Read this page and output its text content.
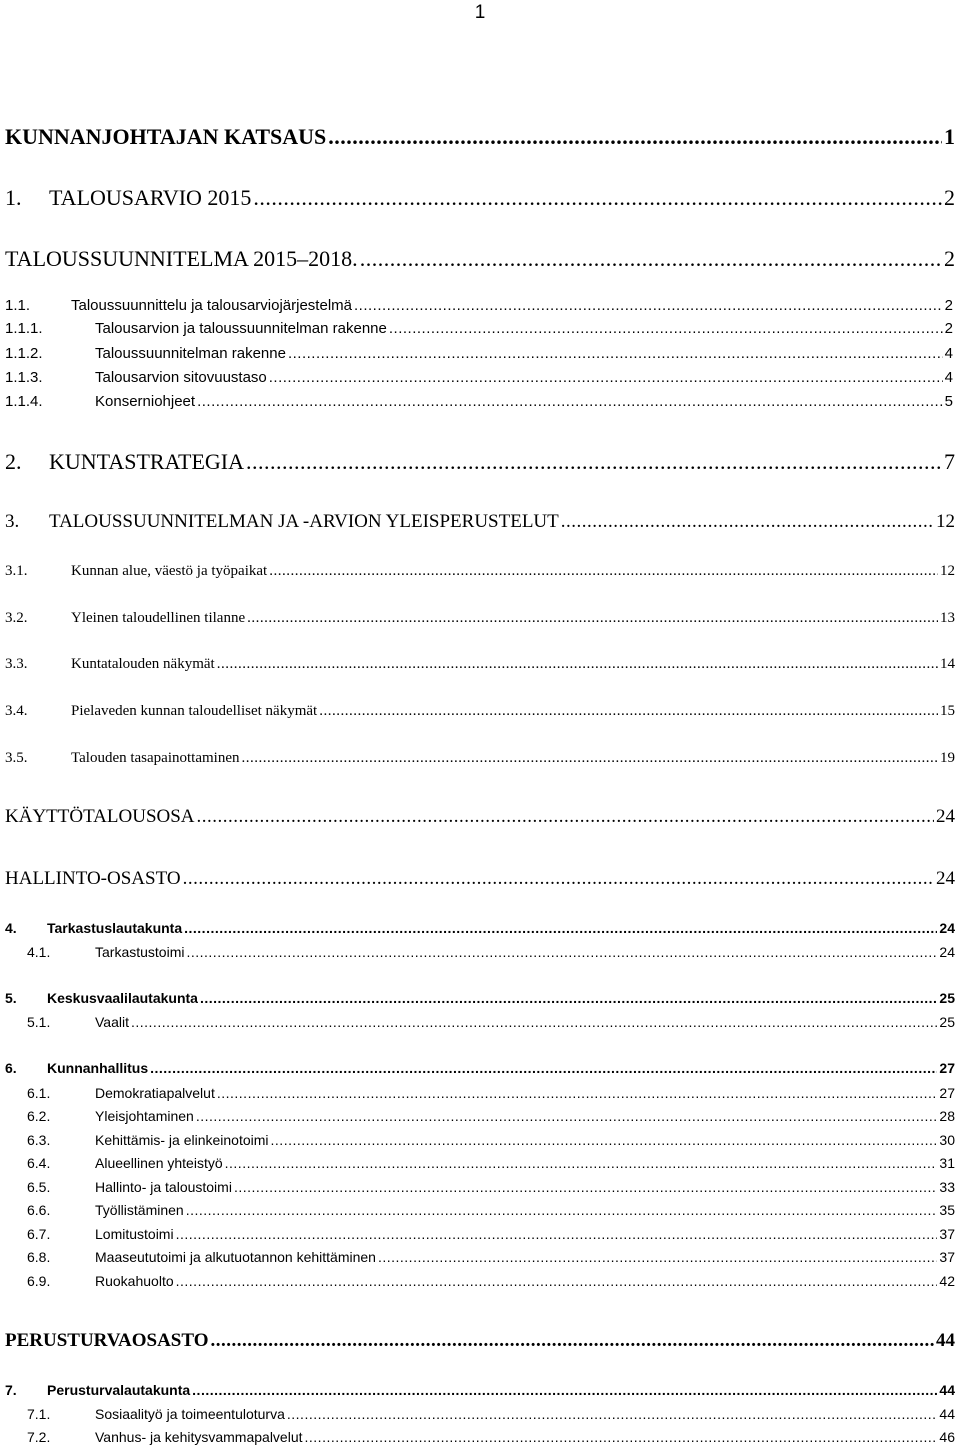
1
KUNNANJOHTAJAN KATSAUS .....	1
1.	TALOUSARVIO 2015 .....	2
TALOUSSUUNNITELMA 2015–2018. .....	2
1.1.	Taloussuunnittelu ja talousarviojärjestelmä .....	2
1.1.1.	Talousarvion ja taloussuunnitelman rakenne .....	2
1.1.2.	Taloussuunnitelman rakenne .....	4
1.1.3.	Talousarvion sitovuustaso .....	4
1.1.4.	Konserniohjeet .....	5
2.	KUNTASTRATEGIA .....	7
3.	TALOUSSUUNNITELMAN JA -ARVION YLEISPERUSTELUT .....	12
3.1.	Kunnan alue, väestö ja työpaikat .....	12
3.2.	Yleinen taloudellinen tilanne .....	13
3.3.	Kuntatalouden näkymät .....	14
3.4.	Pielaveden kunnan taloudelliset näkymät .....	15
3.5.	Talouden tasapainottaminen .....	19
KÄYTTÖTALOUSOSA .....	24
HALLINTO-OSASTO .....	24
4.	Tarkastuslautakunta .....	24
4.1.	Tarkastustoimi .....	24
5.	Keskusvaalilautakunta .....	25
5.1.	Vaalit .....	25
6.	Kunnanhallitus .....	27
6.1.	Demokratiapalvelut .....	27
6.2.	Yleisjohtaminen .....	28
6.3.	Kehittämis- ja elinkeinotoimi .....	30
6.4.	Alueellinen yhteistyö .....	31
6.5.	Hallinto- ja taloustoimi .....	33
6.6.	Työllistäminen .....	35
6.7.	Lomitustoimi .....	37
6.8.	Maaseututoimi ja alkutuotannon kehittäminen .....	37
6.9.	Ruokahuolto .....	42
PERUSTURVAOSASTO .....	44
7.	Perusturvalautakunta .....	44
7.1.	Sosiaalityö ja toimeentuloturva .....	44
7.2.	Vanhus- ja kehitysvammapalvelut .....	46
